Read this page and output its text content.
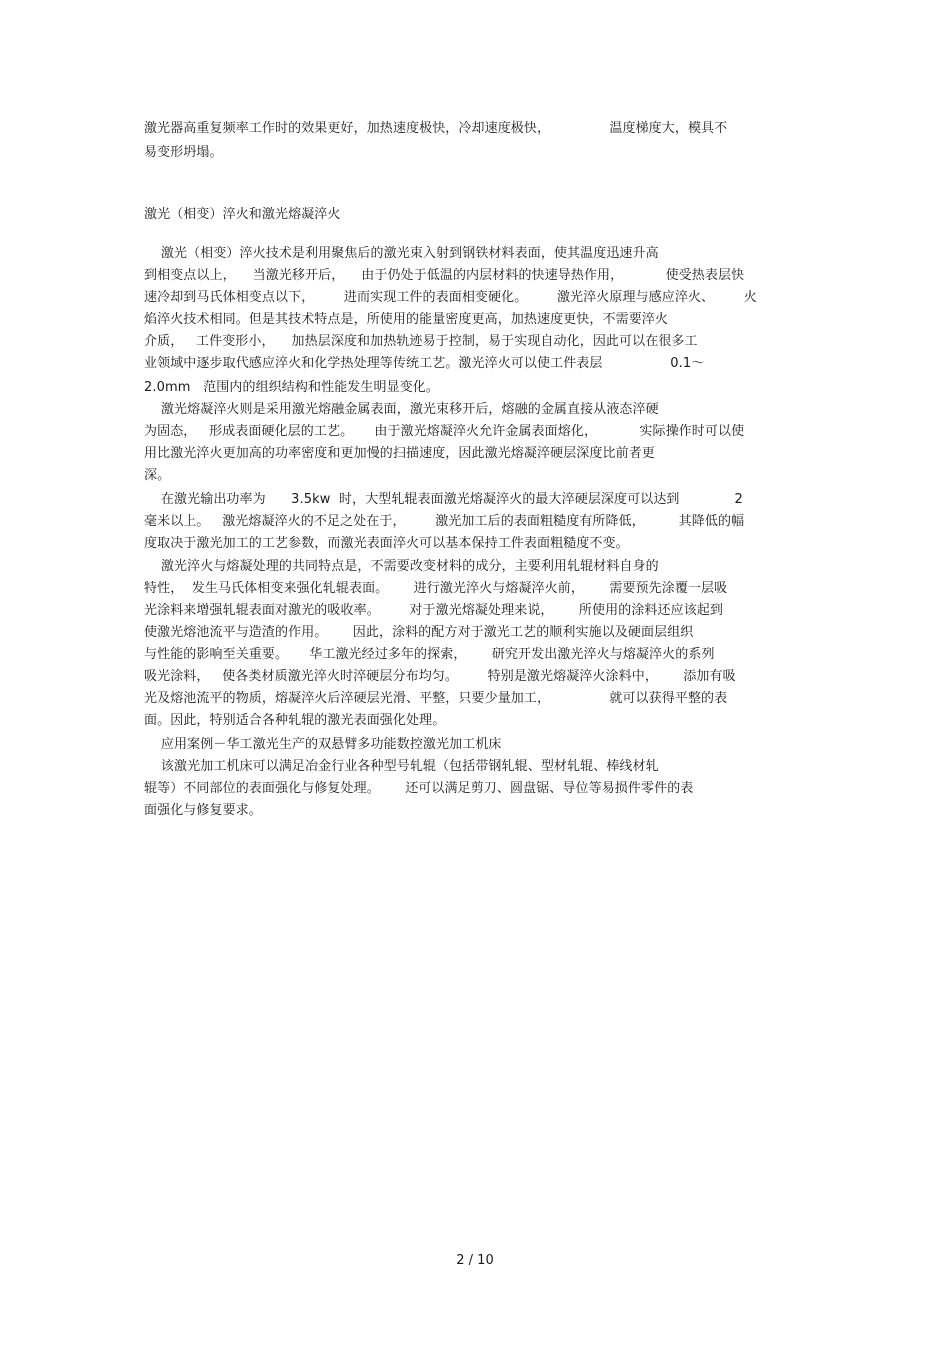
激光器高重复频率工作时的效果更好，加热速度极快，冷却速度极快，              温度梯度大，模具不
易变形坍塌。
激光（相变）淬火和激光熔凝淬火
激光（相变）淬火技术是利用聚焦后的激光束入射到钢铁材料表面，使其温度迅速升高
到相变点以上，    当激光移开后，    由于仍处于低温的内层材料的快速导热作用，          使受热表层快
速冷却到马氏体相变点以下，       进而实现工件的表面相变硬化。       激光淬火原理与感应淬火、       火
焰淬火技术相同。但是其技术特点是，所使用的能量密度更高，加热速度更快，不需要淬火
介质，   工件变形小，    加热层深度和加热轨迹易于控制，易于实现自动化，因此可以在很多工
业领域中逐步取代感应淬火和化学热处理等传统工艺。激光淬火可以使工件表层                0.1～
2.0mm   范围内的组织结构和性能发生明显变化。
激光熔凝淬火则是采用激光熔融金属表面，激光束移开后，熔融的金属直接从液态淬硬
为固态，   形成表面硬化层的工艺。     由于激光熔凝淬火允许金属表面熔化，          实际操作时可以使
用比激光淬火更加高的功率密度和更加慢的扫描速度，因此激光熔凝淬硬层深度比前者更
深。
在激光输出功率为      3.5kw  时，大型轧辊表面激光熔凝淬火的最大淬硬层深度可以达到             2
毫米以上。   激光熔凝淬火的不足之处在于，       激光加工后的表面粗糙度有所降低，        其降低的幅
度取决于激光加工的工艺参数，而激光表面淬火可以基本保持工件表面粗糙度不变。
激光淬火与熔凝处理的共同特点是，不需要改变材料的成分，主要利用轧辊材料自身的
特性，  发生马氏体相变来强化轧辊表面。      进行激光淬火与熔凝淬火前，      需要预先涂覆一层吸
光涂料来增强轧辊表面对激光的吸收率。       对于激光熔凝处理来说，      所使用的涂料还应该起到
使激光熔池流平与造渣的作用。      因此，涂料的配方对于激光工艺的顺利实施以及硬面层组织
与性能的影响至关重要。     华工激光经过多年的探索，      研究开发出激光淬火与熔凝淬火的系列
吸光涂料，   使各类材质激光淬火时淬硬层分布均匀。       特别是激光熔凝淬火涂料中，      添加有吸
光及熔池流平的物质，熔凝淬火后淬硬层光滑、平整，只要少量加工，              就可以获得平整的表
面。因此，特别适合各种轧辊的激光表面强化处理。
应用案例－华工激光生产的双悬臂多功能数控激光加工机床
该激光加工机床可以满足冶金行业各种型号轧辊（包括带钢轧辊、型材轧辊、棒线材轧
辊等）不同部位的表面强化与修复处理。      还可以满足剪刀、圆盘锯、导位等易损件零件的表
面强化与修复要求。
2 / 10
